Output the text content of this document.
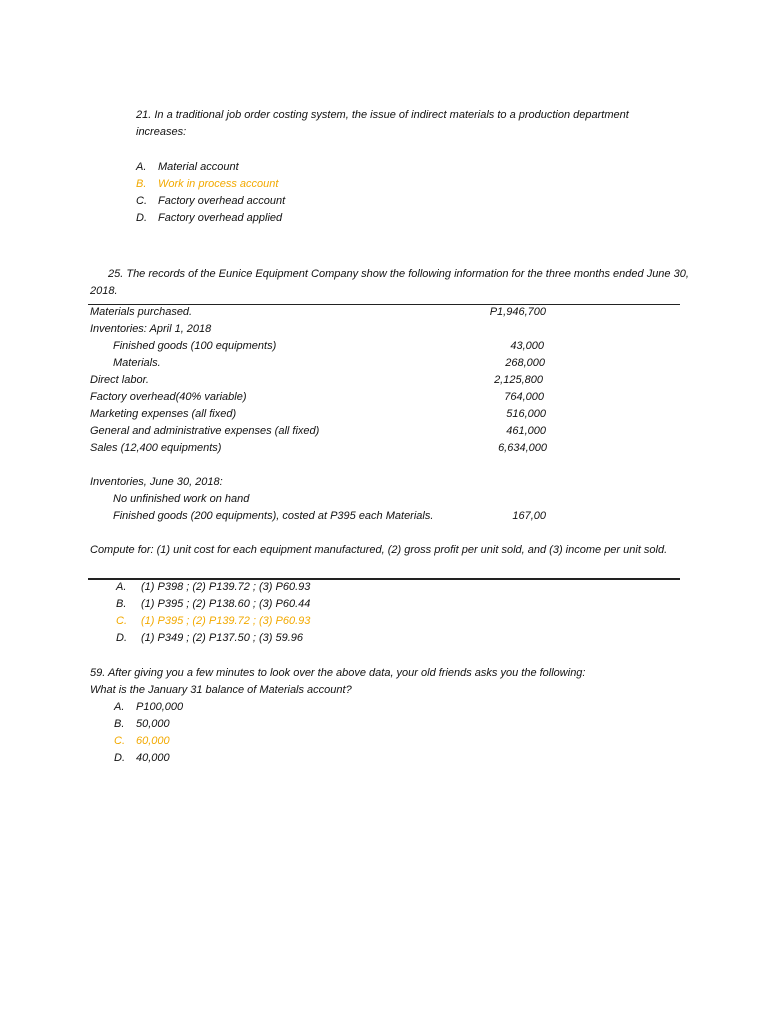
21. In a traditional job order costing system, the issue of indirect materials to a production department increases:
A. Material account
B. Work in process account
C. Factory overhead account
D. Factory overhead applied
25. The records of the Eunice Equipment Company show the following information for the three months ended June 30, 2018.
Materials purchased.	P1,946,700
Inventories: April 1, 2018
Finished goods (100 equipments)	43,000
Materials.	268,000
Direct labor.	2,125,800
Factory overhead(40% variable)	764,000
Marketing expenses (all fixed)	516,000
General and administrative expenses (all fixed)	461,000
Sales (12,400 equipments)	6,634,000
Inventories, June 30, 2018:
No unfinished work on hand
Finished goods (200 equipments), costed at P395 each Materials.	167,00
Compute for: (1) unit cost for each equipment manufactured, (2) gross profit per unit sold, and (3) income per unit sold.
A. (1) P398 ; (2) P139.72 ; (3) P60.93
B. (1) P395 ; (2) P138.60 ; (3) P60.44
C. (1) P395 ; (2) P139.72 ; (3) P60.93
D. (1) P349 ; (2) P137.50 ; (3) 59.96
59. After giving you a few minutes to look over the above data, your old friends asks you the following:
What is the January 31 balance of Materials account?
A. P100,000
B. 50,000
C. 60,000
D. 40,000
